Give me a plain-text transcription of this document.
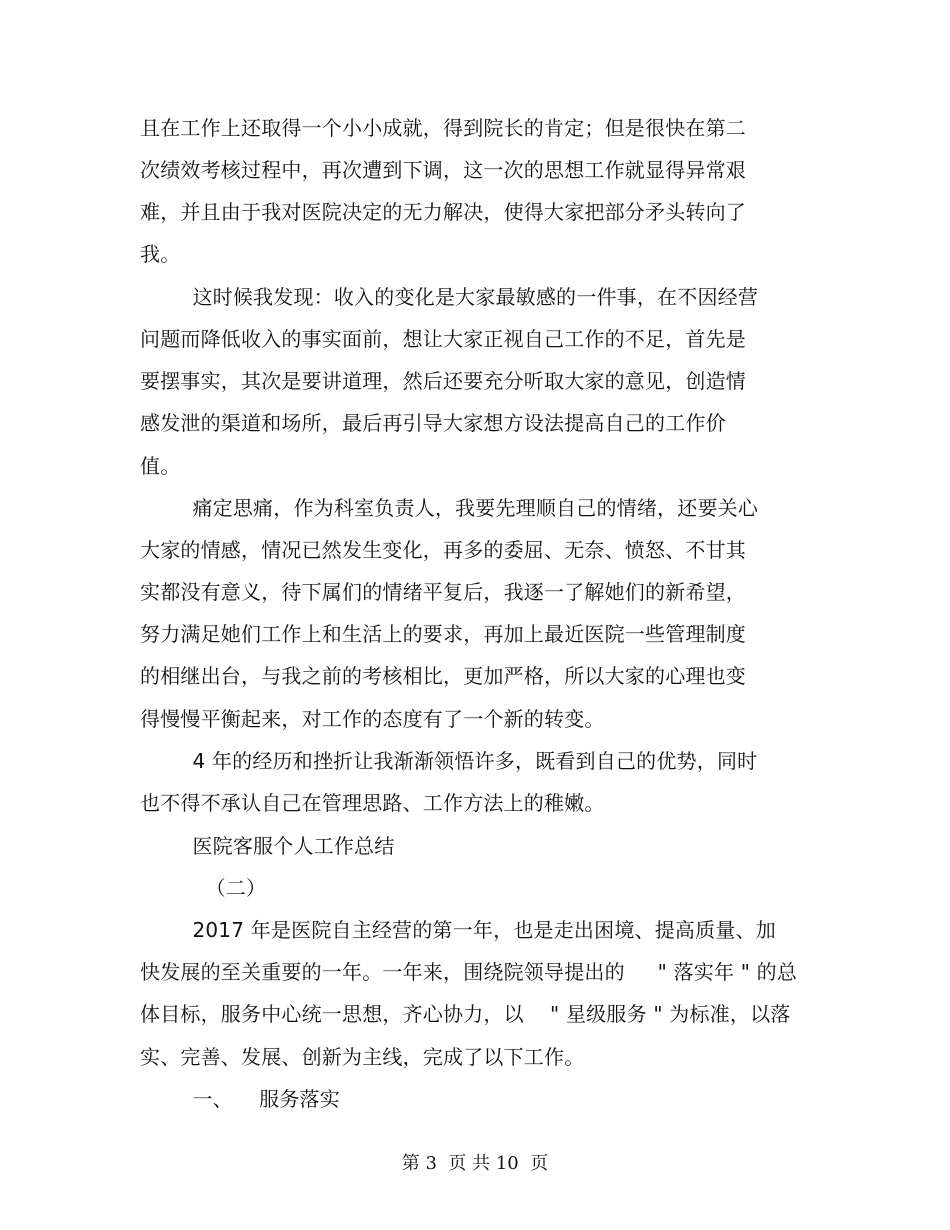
且在工作上还取得一个小小成就，得到院长的肯定；但是很快在第二
次绩效考核过程中，再次遭到下调，这一次的思想工作就显得异常艰
难，并且由于我对医院决定的无力解决，使得大家把部分矛头转向了
我。
这时候我发现：收入的变化是大家最敏感的一件事，在不因经营
问题而降低收入的事实面前，想让大家正视自己工作的不足，首先是
要摆事实，其次是要讲道理，然后还要充分听取大家的意见，创造情
感发泄的渠道和场所，最后再引导大家想方设法提高自己的工作价
值。
痛定思痛，作为科室负责人，我要先理顺自己的情绪，还要关心
大家的情感，情况已然发生变化，再多的委屈、无奈、愤怒、不甘其
实都没有意义，待下属们的情绪平复后，我逐一了解她们的新希望，
努力满足她们工作上和生活上的要求，再加上最近医院一些管理制度
的相继出台，与我之前的考核相比，更加严格，所以大家的心理也变
得慢慢平衡起来，对工作的态度有了一个新的转变。
4 年的经历和挫折让我渐渐领悟许多，既看到自己的优势，同时
也不得不承认自己在管理思路、工作方法上的稚嫩。
医院客服个人工作总结
（二）
2017 年是医院自主经营的第一年，也是走出困境、提高质量、加
快发展的至关重要的一年。一年来，围绕院领导提出的     " 落实年 " 的总
体目标，服务中心统一思想，齐心协力，以    " 星级服务 " 为标准，以落
实、完善、发展、创新为主线，完成了以下工作。
一、    服务落实
第 3  页 共 10  页
